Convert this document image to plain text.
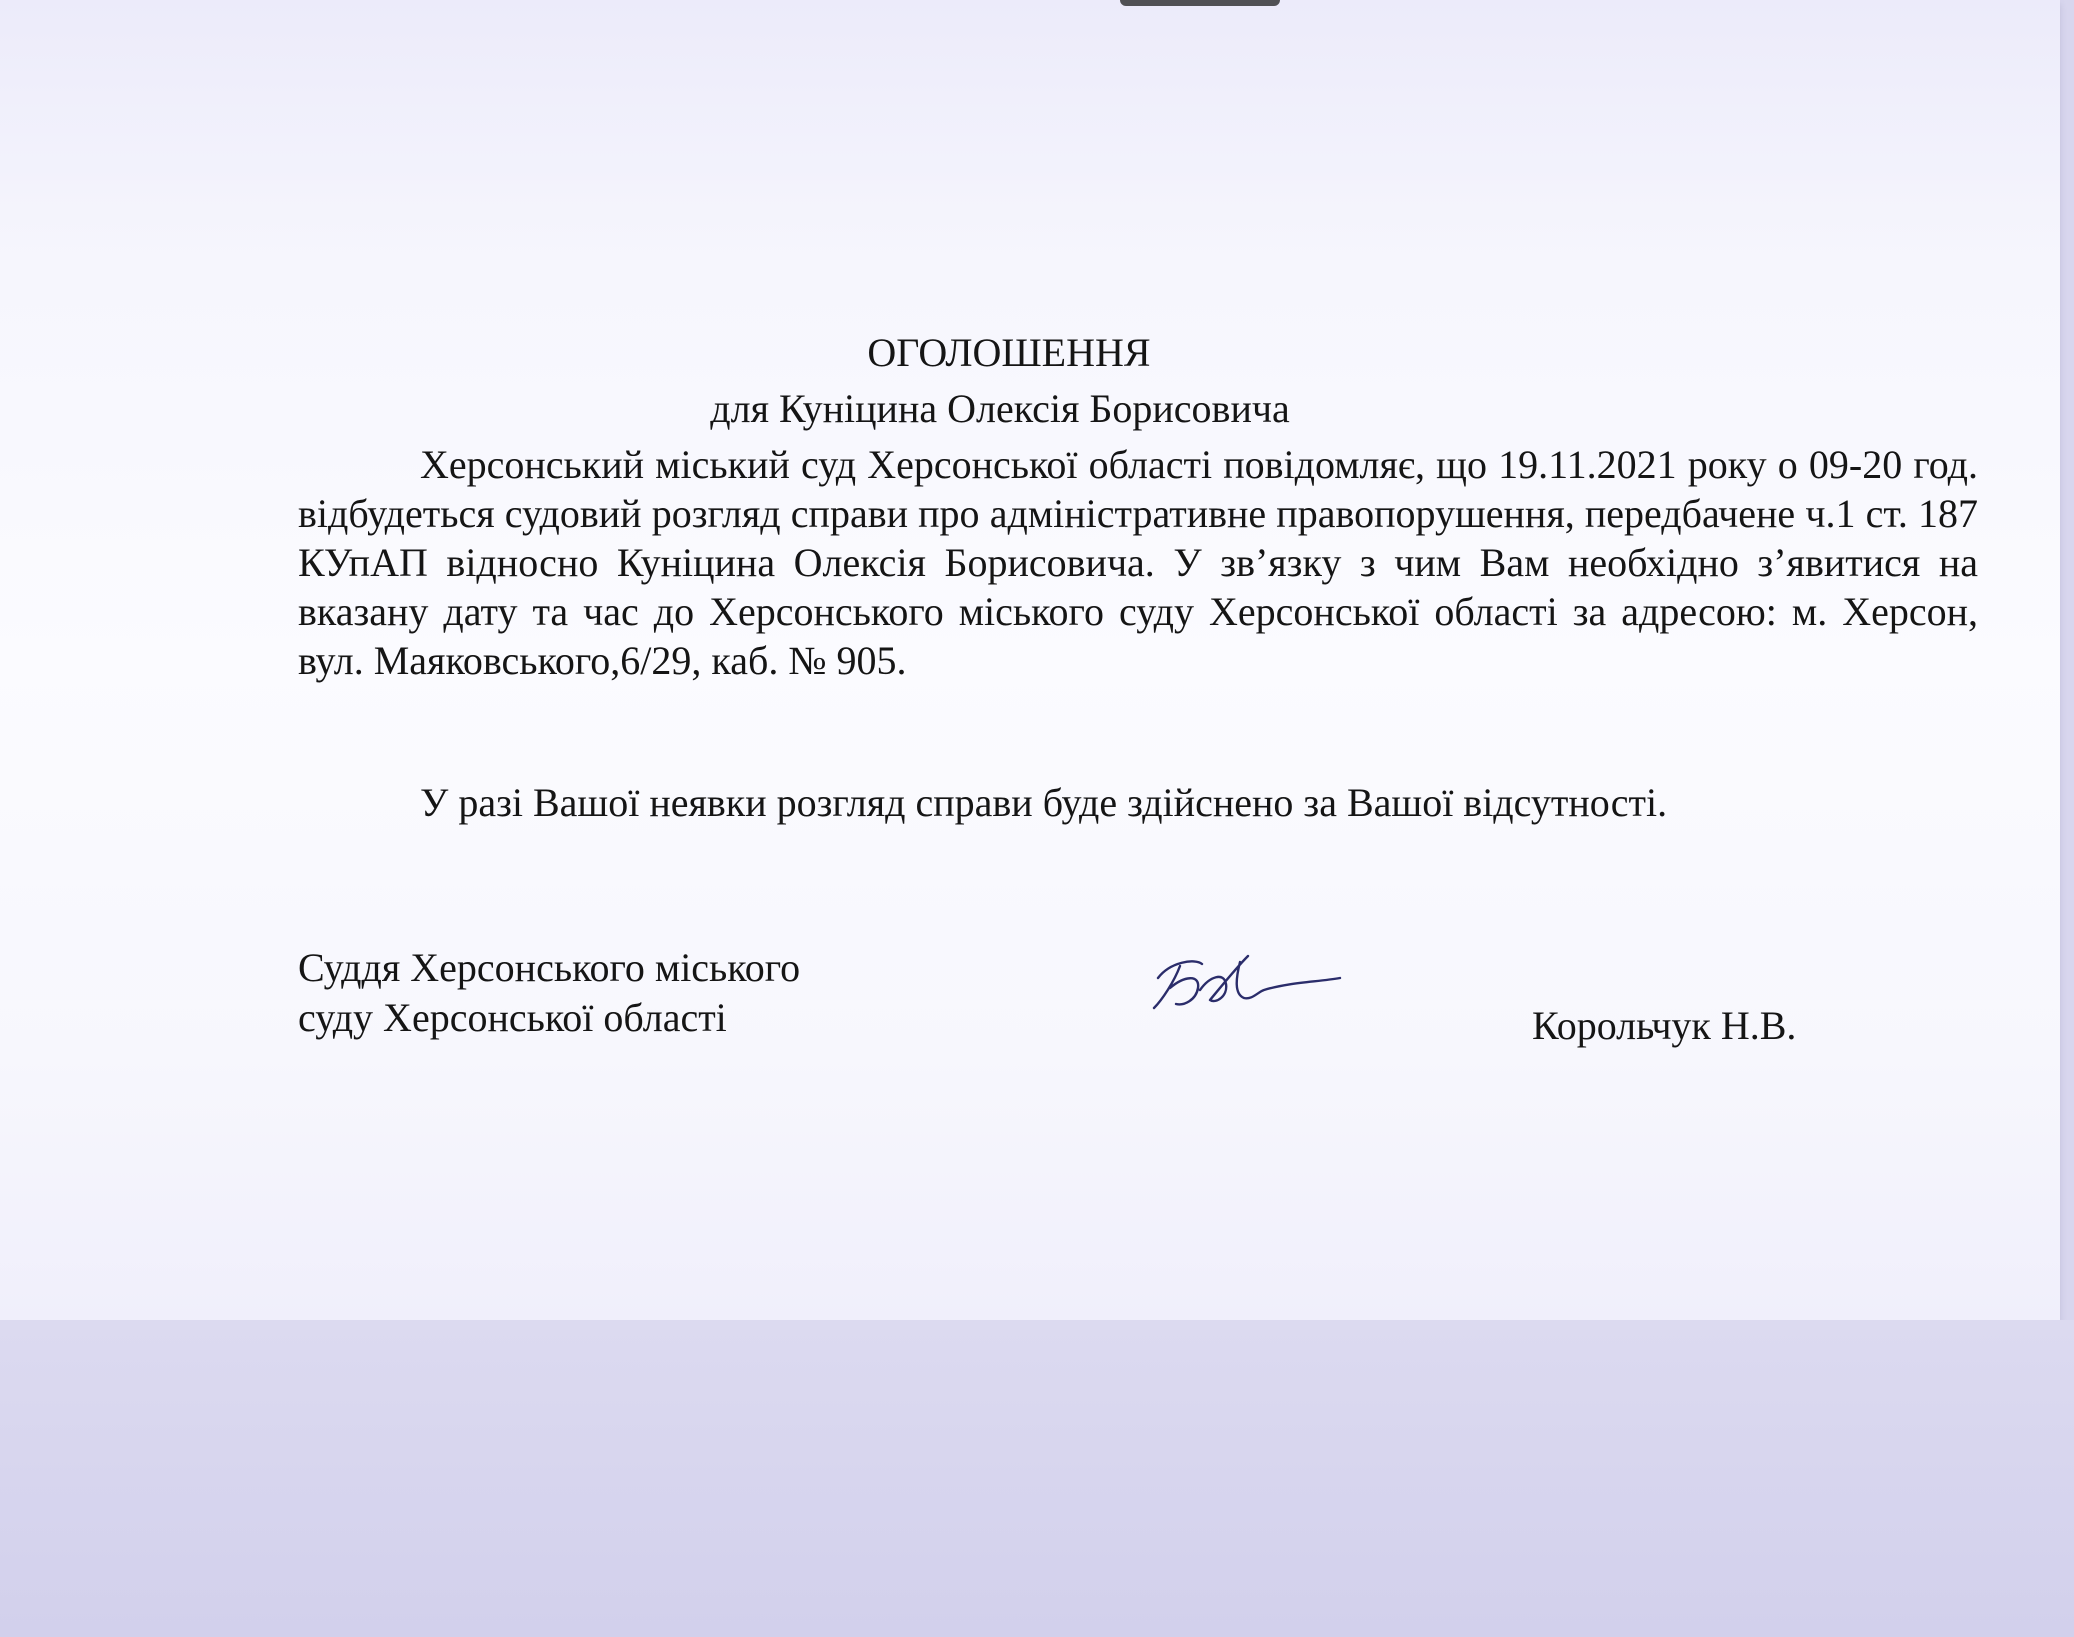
ОГОЛОШЕННЯ
для Куніцина Олексія Борисовича

Херсонський міський суд Херсонської області повідомляє, що 19.11.2021 року о 09-20 год. відбудеться судовий розгляд справи про адміністративне правопорушення, передбачене ч.1 ст. 187 КУпАП відносно Куніцина Олексія Борисовича. У зв’язку з чим Вам необхідно з’явитися на вказану дату та час до Херсонського міського суду Херсонської області за адресою: м. Херсон, вул. Маяковського,6/29, каб. № 905.

У разі Вашої неявки розгляд справи буде здійснено за Вашої відсутності.

Суддя Херсонського міського
суду Херсонської області	Корольчук Н.В.
